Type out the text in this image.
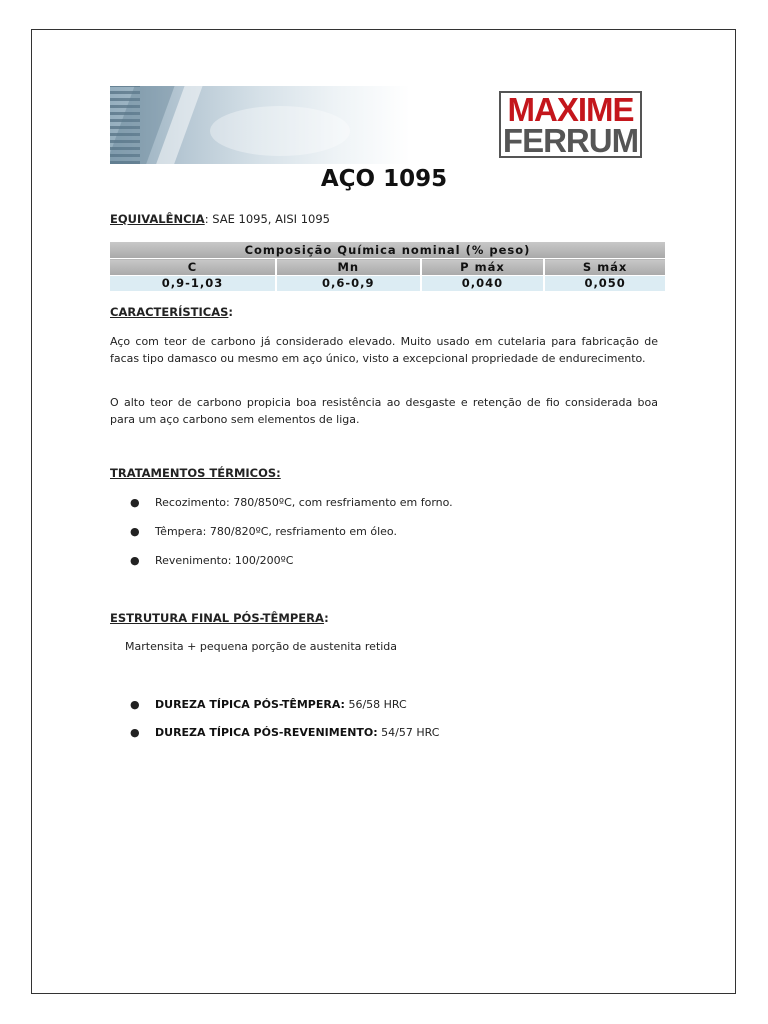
MAXIME
FERRUM
AÇO 1095
EQUIVALÊNCIA: SAE 1095, AISI 1095
Composição Química nominal (% peso)			
C	Mn	P máx	S máx
0,9-1,03	0,6-0,9	0,040	0,050
CARACTERÍSTICAS:
Aço com teor de carbono já considerado elevado. Muito usado em cutelaria para fabricação de facas tipo damasco ou mesmo em aço único, visto a excepcional propriedade de endurecimento.
O alto teor de carbono propicia boa resistência ao desgaste e retenção de fio considerada boa para um aço carbono sem elementos de liga.
TRATAMENTOS TÉRMICOS:
● Recozimento: 780/850ºC, com resfriamento em forno.
● Têmpera: 780/820ºC, resfriamento em óleo.
● Revenimento: 100/200ºC
ESTRUTURA FINAL PÓS-TÊMPERA:
Martensita + pequena porção de austenita retida
● DUREZA TÍPICA PÓS-TÊMPERA: 56/58 HRC
● DUREZA TÍPICA PÓS-REVENIMENTO: 54/57 HRC
